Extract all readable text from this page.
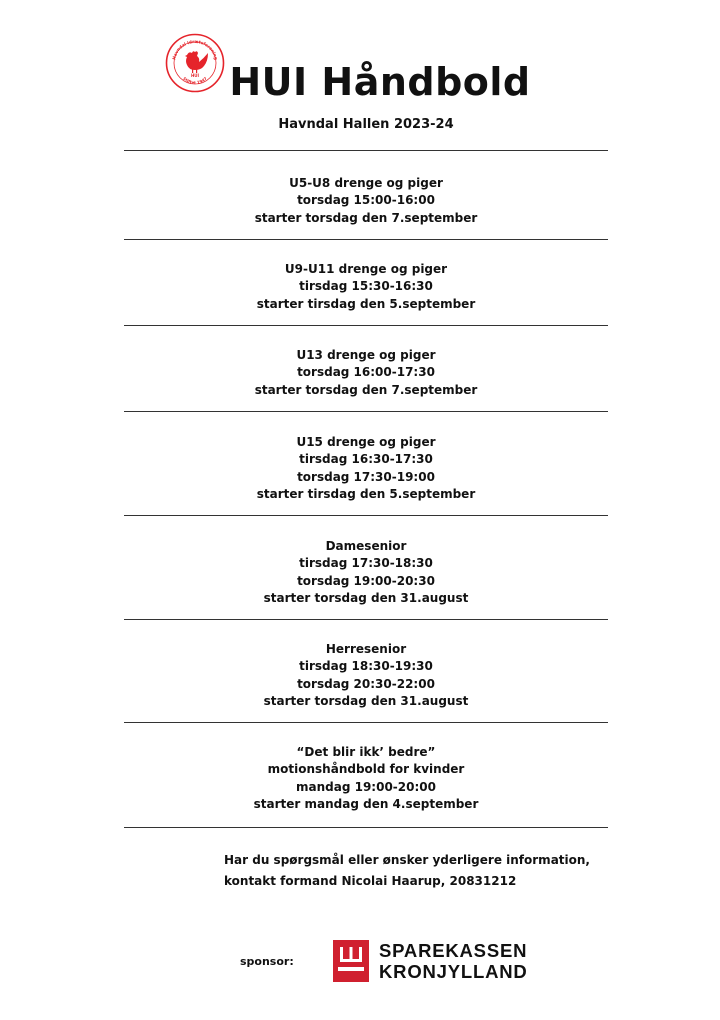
Havndal Idrætsforening
HUI
Stiftet 1947 HUI Håndbold
Havndal Hallen 2023-24
U5-U8 drenge og piger
torsdag 15:00-16:00
starter torsdag den 7.september
U9-U11 drenge og piger
tirsdag 15:30-16:30
starter tirsdag den 5.september
U13 drenge og piger
torsdag 16:00-17:30
starter torsdag den 7.september
U15 drenge og piger
tirsdag 16:30-17:30
torsdag 17:30-19:00
starter tirsdag den 5.september
Damesenior
tirsdag 17:30-18:30
torsdag 19:00-20:30
starter torsdag den 31.august
Herresenior
tirsdag 18:30-19:30
torsdag 20:30-22:00
starter torsdag den 31.august
“Det blir ikk’ bedre”
motionshåndbold for kvinder
mandag 19:00-20:00
starter mandag den 4.september
Har du spørgsmål eller ønsker yderligere information,
kontakt formand Nicolai Haarup, 20831212
sponsor:
SPAREKASSEN
KRONJYLLAND
